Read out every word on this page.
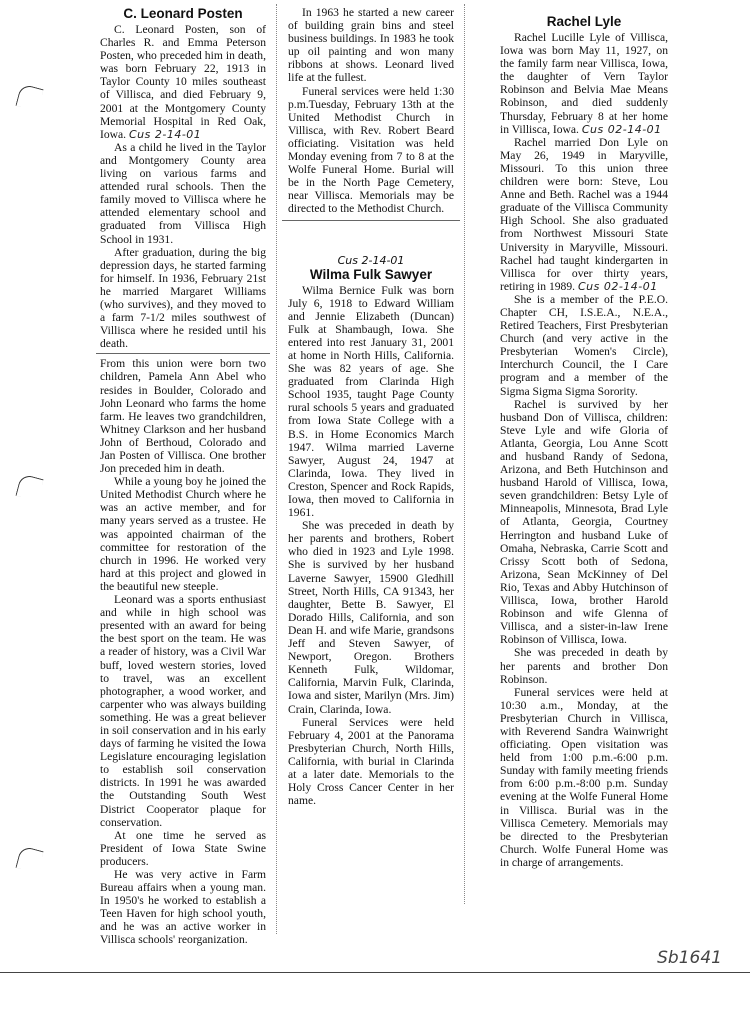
C. Leonard Posten

C. Leonard Posten, son of Charles R. and Emma Peterson Posten, who preceded him in death, was born February 22, 1913 in Taylor County 10 miles southeast of Villisca, and died February 9, 2001 at the Montgomery County Memorial Hospital in Red Oak, Iowa. Cus 2-14-01

As a child he lived in the Taylor and Montgomery County area living on various farms and attended rural schools. Then the family moved to Villisca where he attended elementary school and graduated from Villisca High School in 1931.

After graduation, during the big depression days, he started farming for himself. In 1936, February 21st he married Margaret Williams (who survives), and they moved to a farm 7-1/2 miles southwest of Villisca where he resided until his death.

From this union were born two children, Pamela Ann Abel who resides in Boulder, Colorado and John Leonard who farms the home farm. He leaves two grandchildren, Whitney Clarkson and her husband John of Berthoud, Colorado and Jan Posten of Villisca. One brother Jon preceded him in death.

While a young boy he joined the United Methodist Church where he was an active member, and for many years served as a trustee. He was appointed chairman of the committee for restoration of the church in 1996. He worked very hard at this project and glowed in the beautiful new steeple.

Leonard was a sports enthusiast and while in high school was presented with an award for being the best sport on the team. He was a reader of history, was a Civil War buff, loved western stories, loved to travel, was an excellent photographer, a wood worker, and carpenter who was always building something. He was a great believer in soil conservation and in his early days of farming he visited the Iowa Legislature encouraging legislation to establish soil conservation districts. In 1991 he was awarded the Outstanding South West District Cooperator plaque for conservation.

At one time he served as President of Iowa State Swine producers.

He was very active in Farm Bureau affairs when a young man. In 1950's he worked to establish a Teen Haven for high school youth, and he was an active worker in Villisca schools' reorganization.

In 1963 he started a new career of building grain bins and steel business buildings. In 1983 he took up oil painting and won many ribbons at shows. Leonard lived life at the fullest.

Funeral services were held 1:30 p.m.Tuesday, February 13th at the United Methodist Church in Villisca, with Rev. Robert Beard officiating. Visitation was held Monday evening from 7 to 8 at the Wolfe Funeral Home. Burial will be in the North Page Cemetery, near Villisca. Memorials may be directed to the Methodist Church.

Cus 2-14-01
Wilma Fulk Sawyer

Wilma Bernice Fulk was born July 6, 1918 to Edward William and Jennie Elizabeth (Duncan) Fulk at Shambaugh, Iowa. She entered into rest January 31, 2001 at home in North Hills, California. She was 82 years of age. She graduated from Clarinda High School 1935, taught Page County rural schools 5 years and graduated from Iowa State College with a B.S. in Home Economics March 1947. Wilma married Laverne Sawyer, August 24, 1947 at Clarinda, Iowa. They lived in Creston, Spencer and Rock Rapids, Iowa, then moved to California in 1961.

She was preceded in death by her parents and brothers, Robert who died in 1923 and Lyle 1998. She is survived by her husband Laverne Sawyer, 15900 Gledhill Street, North Hills, CA 91343, her daughter, Bette B. Sawyer, El Dorado Hills, California, and son Dean H. and wife Marie, grandsons Jeff and Steven Sawyer, of Newport, Oregon. Brothers Kenneth Fulk, Wildomar, California, Marvin Fulk, Clarinda, Iowa and sister, Marilyn (Mrs. Jim) Crain, Clarinda, Iowa.

Funeral Services were held February 4, 2001 at the Panorama Presbyterian Church, North Hills, California, with burial in Clarinda at a later date. Memorials to the Holy Cross Cancer Center in her name.

Rachel Lyle

Rachel Lucille Lyle of Villisca, Iowa was born May 11, 1927, on the family farm near Villisca, Iowa, the daughter of Vern Taylor Robinson and Belvia Mae Means Robinson, and died suddenly Thursday, February 8 at her home in Villisca, Iowa. Cus 02-14-01

Rachel married Don Lyle on May 26, 1949 in Maryville, Missouri. To this union three children were born: Steve, Lou Anne and Beth. Rachel was a 1944 graduate of the Villisca Community High School. She also graduated from Northwest Missouri State University in Maryville, Missouri. Rachel had taught kindergarten in Villisca for over thirty years, retiring in 1989. Cus 02-14-01

She is a member of the P.E.O. Chapter CH, I.S.E.A., N.E.A., Retired Teachers, First Presbyterian Church (and very active in the Presbyterian Women's Circle), Interchurch Council, the I Care program and a member of the Sigma Sigma Sigma Sorority.

Rachel is survived by her husband Don of Villisca, children: Steve Lyle and wife Gloria of Atlanta, Georgia, Lou Anne Scott and husband Randy of Sedona, Arizona, and Beth Hutchinson and husband Harold of Villisca, Iowa, seven grandchildren: Betsy Lyle of Minneapolis, Minnesota, Brad Lyle of Atlanta, Georgia, Courtney Herrington and husband Luke of Omaha, Nebraska, Carrie Scott and Crissy Scott both of Sedona, Arizona, Sean McKinney of Del Rio, Texas and Abby Hutchinson of Villisca, Iowa, brother Harold Robinson and wife Glenna of Villisca, and a sister-in-law Irene Robinson of Villisca, Iowa.

She was preceded in death by her parents and brother Don Robinson.

Funeral services were held at 10:30 a.m., Monday, at the Presbyterian Church in Villisca, with Reverend Sandra Wainwright officiating. Open visitation was held from 1:00 p.m.-6:00 p.m. Sunday with family meeting friends from 6:00 p.m.-8:00 p.m. Sunday evening at the Wolfe Funeral Home in Villisca. Burial was in the Villisca Cemetery. Memorials may be directed to the Presbyterian Church. Wolfe Funeral Home was in charge of arrangements.

Sb1641
